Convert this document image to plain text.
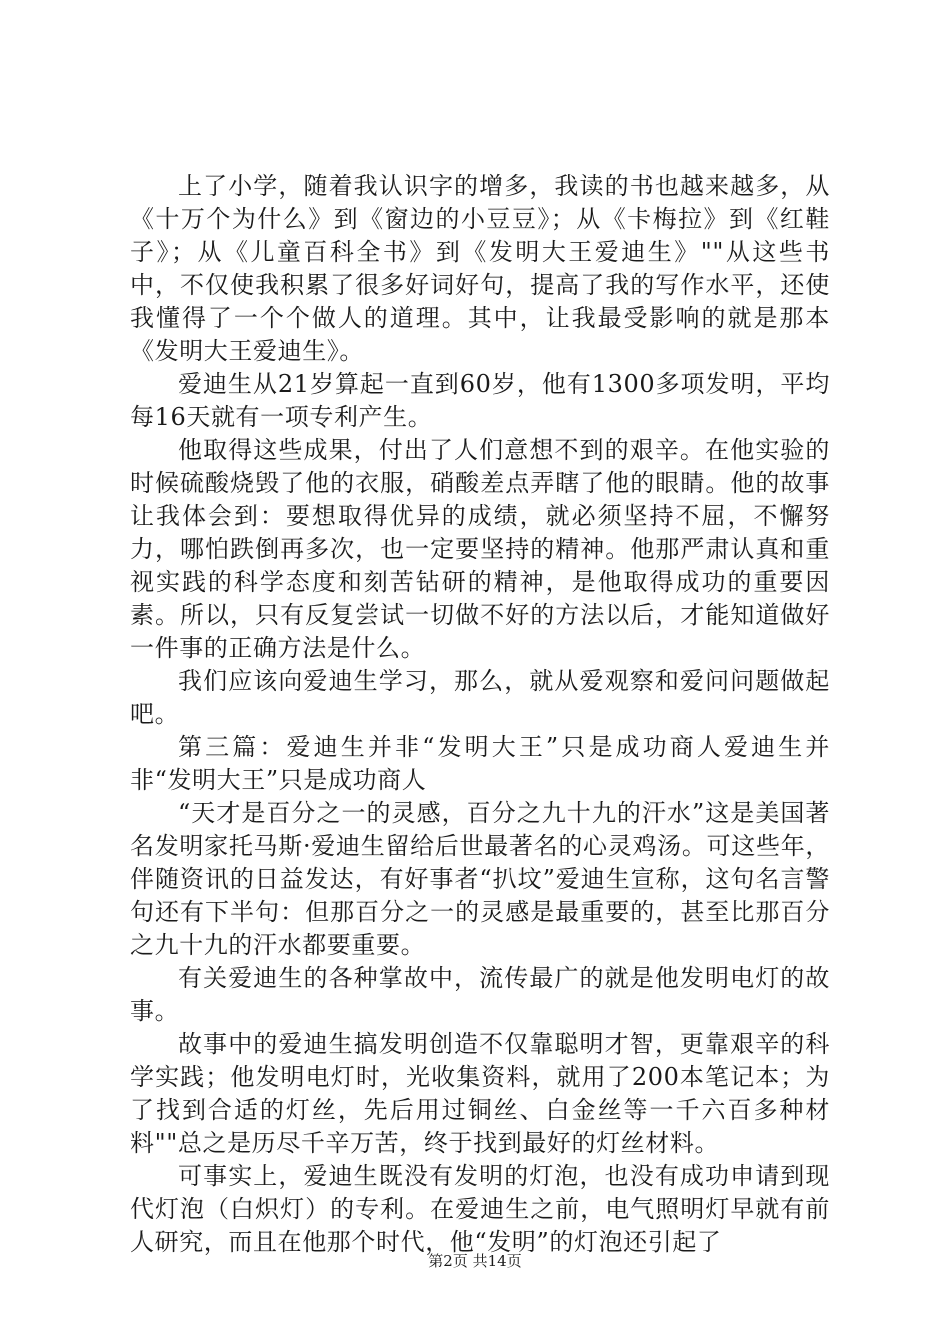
上了小学，随着我认识字的增多，我读的书也越来越多，从《十万个为什么》到《窗边的小豆豆》；从《卡梅拉》到《红鞋子》；从《儿童百科全书》到《发明大王爱迪生》""从这些书中，不仅使我积累了很多好词好句，提高了我的写作水平，还使我懂得了一个个做人的道理。其中，让我最受影响的就是那本《发明大王爱迪生》。

爱迪生从21岁算起一直到60岁，他有1300多项发明，平均每16天就有一项专利产生。

他取得这些成果，付出了人们意想不到的艰辛。在他实验的时候硫酸烧毁了他的衣服，硝酸差点弄瞎了他的眼睛。他的故事让我体会到：要想取得优异的成绩，就必须坚持不屈，不懈努力，哪怕跌倒再多次，也一定要坚持的精神。他那严肃认真和重视实践的科学态度和刻苦钻研的精神，是他取得成功的重要因素。所以，只有反复尝试一切做不好的方法以后，才能知道做好一件事的正确方法是什么。

我们应该向爱迪生学习，那么，就从爱观察和爱问问题做起吧。

第三篇：爱迪生并非“发明大王”只是成功商人爱迪生并非“发明大王”只是成功商人

“天才是百分之一的灵感，百分之九十九的汗水”这是美国著名发明家托马斯·爱迪生留给后世最著名的心灵鸡汤。可这些年，伴随资讯的日益发达，有好事者“扒坟”爱迪生宣称，这句名言警句还有下半句：但那百分之一的灵感是最重要的，甚至比那百分之九十九的汗水都要重要。

有关爱迪生的各种掌故中，流传最广的就是他发明电灯的故事。

故事中的爱迪生搞发明创造不仅靠聪明才智，更靠艰辛的科学实践；他发明电灯时，光收集资料，就用了200本笔记本；为了找到合适的灯丝，先后用过铜丝、白金丝等一千六百多种材料""总之是历尽千辛万苦，终于找到最好的灯丝材料。

可事实上，爱迪生既没有发明的灯泡，也没有成功申请到现代灯泡（白炽灯）的专利。在爱迪生之前，电气照明灯早就有前人研究，而且在他那个时代，他“发明”的灯泡还引起了

第2页 共14页
